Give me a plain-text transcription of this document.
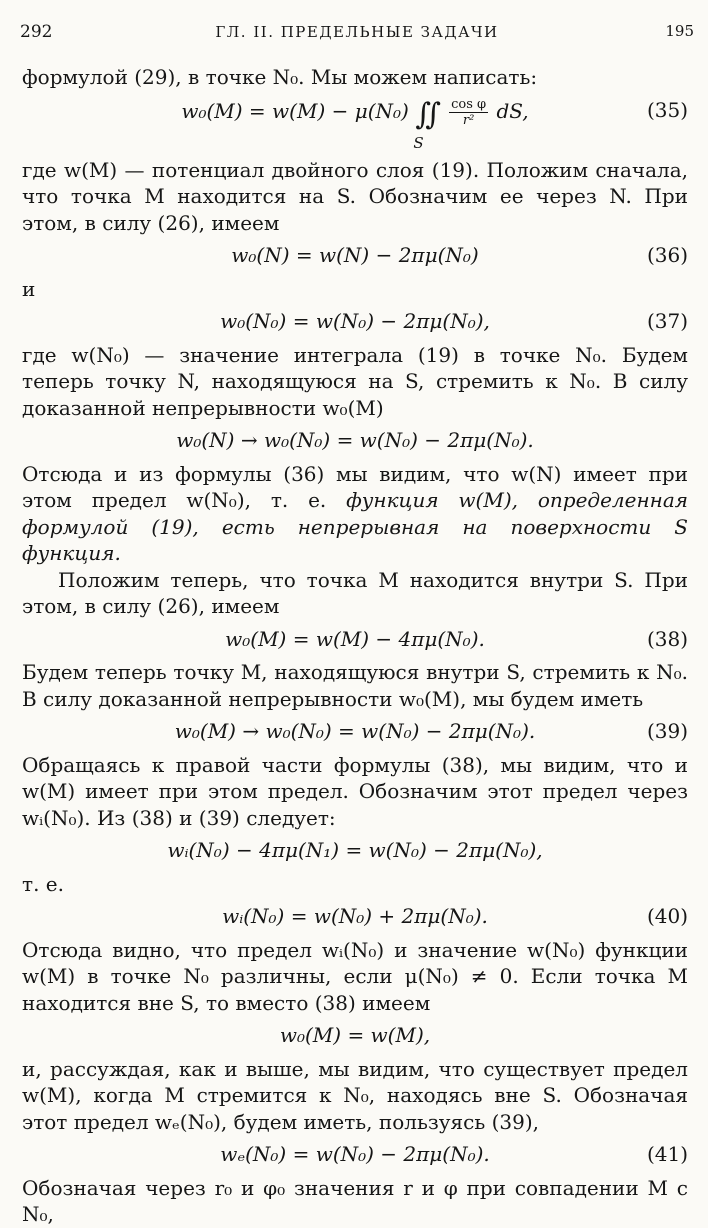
292	ГЛ. II. ПРЕДЕЛЬНЫЕ ЗАДАЧИ	195

формулой (29), в точке N₀. Мы можем написать:

w₀(M) = w(M) − μ(N₀) ∬ $\frac{\text{cos φ}}{\text{r²}}$ dS,
S
(35)

где w(M) — потенциал двойного слоя (19). Положим сначала, что точка M находится на S. Обозначим ее через N. При этом, в силу (26), имеем

w₀(N) = w(N) − 2πμ(N₀)	(36)

и

w₀(N₀) = w(N₀) − 2πμ(N₀),	(37)

где w(N₀) — значение интеграла (19) в точке N₀. Будем теперь точку N, находящуюся на S, стремить к N₀. В силу доказанной непрерывности w₀(M)

w₀(N) → w₀(N₀) = w(N₀) − 2πμ(N₀).

Отсюда и из формулы (36) мы видим, что w(N) имеет при этом предел w(N₀), т. е. функция w(M), определенная формулой (19), есть непрерывная на поверхности S функция.

Положим теперь, что точка M находится внутри S. При этом, в силу (26), имеем

w₀(M) = w(M) − 4πμ(N₀).	(38)

Будем теперь точку M, находящуюся внутри S, стремить к N₀. В силу доказанной непрерывности w₀(M), мы будем иметь

w₀(M) → w₀(N₀) = w(N₀) − 2πμ(N₀).	(39)

Обращаясь к правой части формулы (38), мы видим, что и w(M) имеет при этом предел. Обозначим этот предел через wᵢ(N₀). Из (38) и (39) следует:

wᵢ(N₀) − 4πμ(N₁) = w(N₀) − 2πμ(N₀),

т. е.

wᵢ(N₀) = w(N₀) + 2πμ(N₀).	(40)

Отсюда видно, что предел wᵢ(N₀) и значение w(N₀) функции w(M) в точке N₀ различны, если μ(N₀) ≠ 0. Если точка M находится вне S, то вместо (38) имеем

w₀(M) = w(M),

и, рассуждая, как и выше, мы видим, что существует предел w(M), когда M стремится к N₀, находясь вне S. Обозначая этот предел wₑ(N₀), будем иметь, пользуясь (39),

wₑ(N₀) = w(N₀) − 2πμ(N₀).	(41)

Обозначая через r₀ и φ₀ значения r и φ при совпадении M с N₀,
